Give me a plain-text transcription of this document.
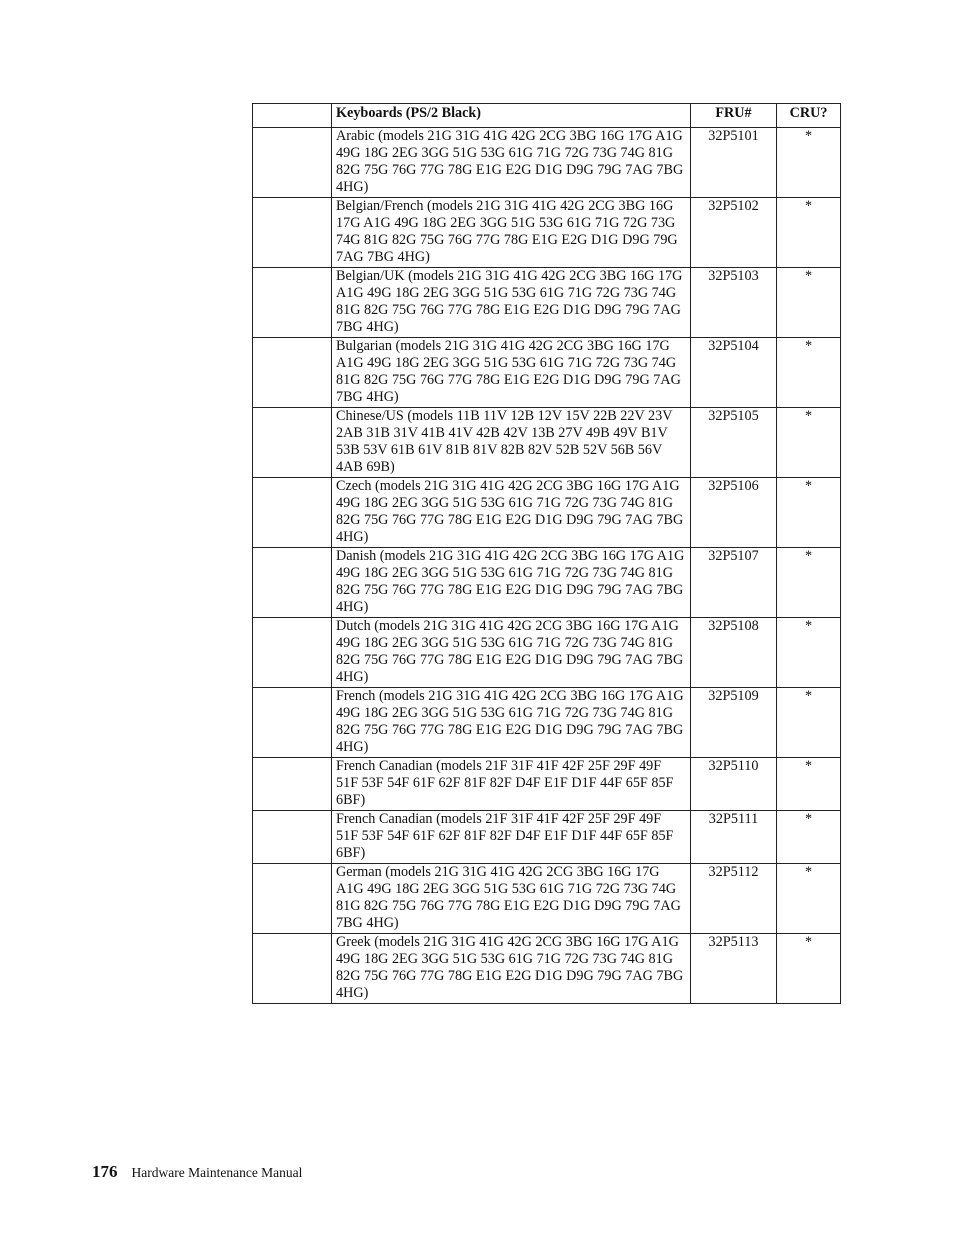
	Keyboards (PS/2 Black)	FRU#	CRU?
	Arabic (models 21G 31G 41G 42G 2CG 3BG 16G 17G A1G 49G 18G 2EG 3GG 51G 53G 61G 71G 72G 73G 74G 81G 82G 75G 76G 77G 78G E1G E2G D1G D9G 79G 7AG 7BG 4HG)	32P5101	*
	Belgian/French (models 21G 31G 41G 42G 2CG 3BG 16G 17G A1G 49G 18G 2EG 3GG 51G 53G 61G 71G 72G 73G 74G 81G 82G 75G 76G 77G 78G E1G E2G D1G D9G 79G 7AG 7BG 4HG)	32P5102	*
	Belgian/UK (models 21G 31G 41G 42G 2CG 3BG 16G 17G A1G 49G 18G 2EG 3GG 51G 53G 61G 71G 72G 73G 74G 81G 82G 75G 76G 77G 78G E1G E2G D1G D9G 79G 7AG 7BG 4HG)	32P5103	*
	Bulgarian (models 21G 31G 41G 42G 2CG 3BG 16G 17G A1G 49G 18G 2EG 3GG 51G 53G 61G 71G 72G 73G 74G 81G 82G 75G 76G 77G 78G E1G E2G D1G D9G 79G 7AG 7BG 4HG)	32P5104	*
	Chinese/US (models 11B 11V 12B 12V 15V 22B 22V 23V 2AB 31B 31V 41B 41V 42B 42V 13B 27V 49B 49V B1V 53B 53V 61B 61V 81B 81V 82B 82V 52B 52V 56B 56V 4AB 69B)	32P5105	*
	Czech (models 21G 31G 41G 42G 2CG 3BG 16G 17G A1G 49G 18G 2EG 3GG 51G 53G 61G 71G 72G 73G 74G 81G 82G 75G 76G 77G 78G E1G E2G D1G D9G 79G 7AG 7BG 4HG)	32P5106	*
	Danish (models 21G 31G 41G 42G 2CG 3BG 16G 17G A1G 49G 18G 2EG 3GG 51G 53G 61G 71G 72G 73G 74G 81G 82G 75G 76G 77G 78G E1G E2G D1G D9G 79G 7AG 7BG 4HG)	32P5107	*
	Dutch (models 21G 31G 41G 42G 2CG 3BG 16G 17G A1G 49G 18G 2EG 3GG 51G 53G 61G 71G 72G 73G 74G 81G 82G 75G 76G 77G 78G E1G E2G D1G D9G 79G 7AG 7BG 4HG)	32P5108	*
	French (models 21G 31G 41G 42G 2CG 3BG 16G 17G A1G 49G 18G 2EG 3GG 51G 53G 61G 71G 72G 73G 74G 81G 82G 75G 76G 77G 78G E1G E2G D1G D9G 79G 7AG 7BG 4HG)	32P5109	*
	French Canadian (models 21F 31F 41F 42F 25F 29F 49F 51F 53F 54F 61F 62F 81F 82F D4F E1F D1F 44F 65F 85F 6BF)	32P5110	*
	French Canadian (models 21F 31F 41F 42F 25F 29F 49F 51F 53F 54F 61F 62F 81F 82F D4F E1F D1F 44F 65F 85F 6BF)	32P5111	*
	German (models 21G 31G 41G 42G 2CG 3BG 16G 17G A1G 49G 18G 2EG 3GG 51G 53G 61G 71G 72G 73G 74G 81G 82G 75G 76G 77G 78G E1G E2G D1G D9G 79G 7AG 7BG 4HG)	32P5112	*
	Greek (models 21G 31G 41G 42G 2CG 3BG 16G 17G A1G 49G 18G 2EG 3GG 51G 53G 61G 71G 72G 73G 74G 81G 82G 75G 76G 77G 78G E1G E2G D1G D9G 79G 7AG 7BG 4HG)	32P5113	*
176 Hardware Maintenance Manual
